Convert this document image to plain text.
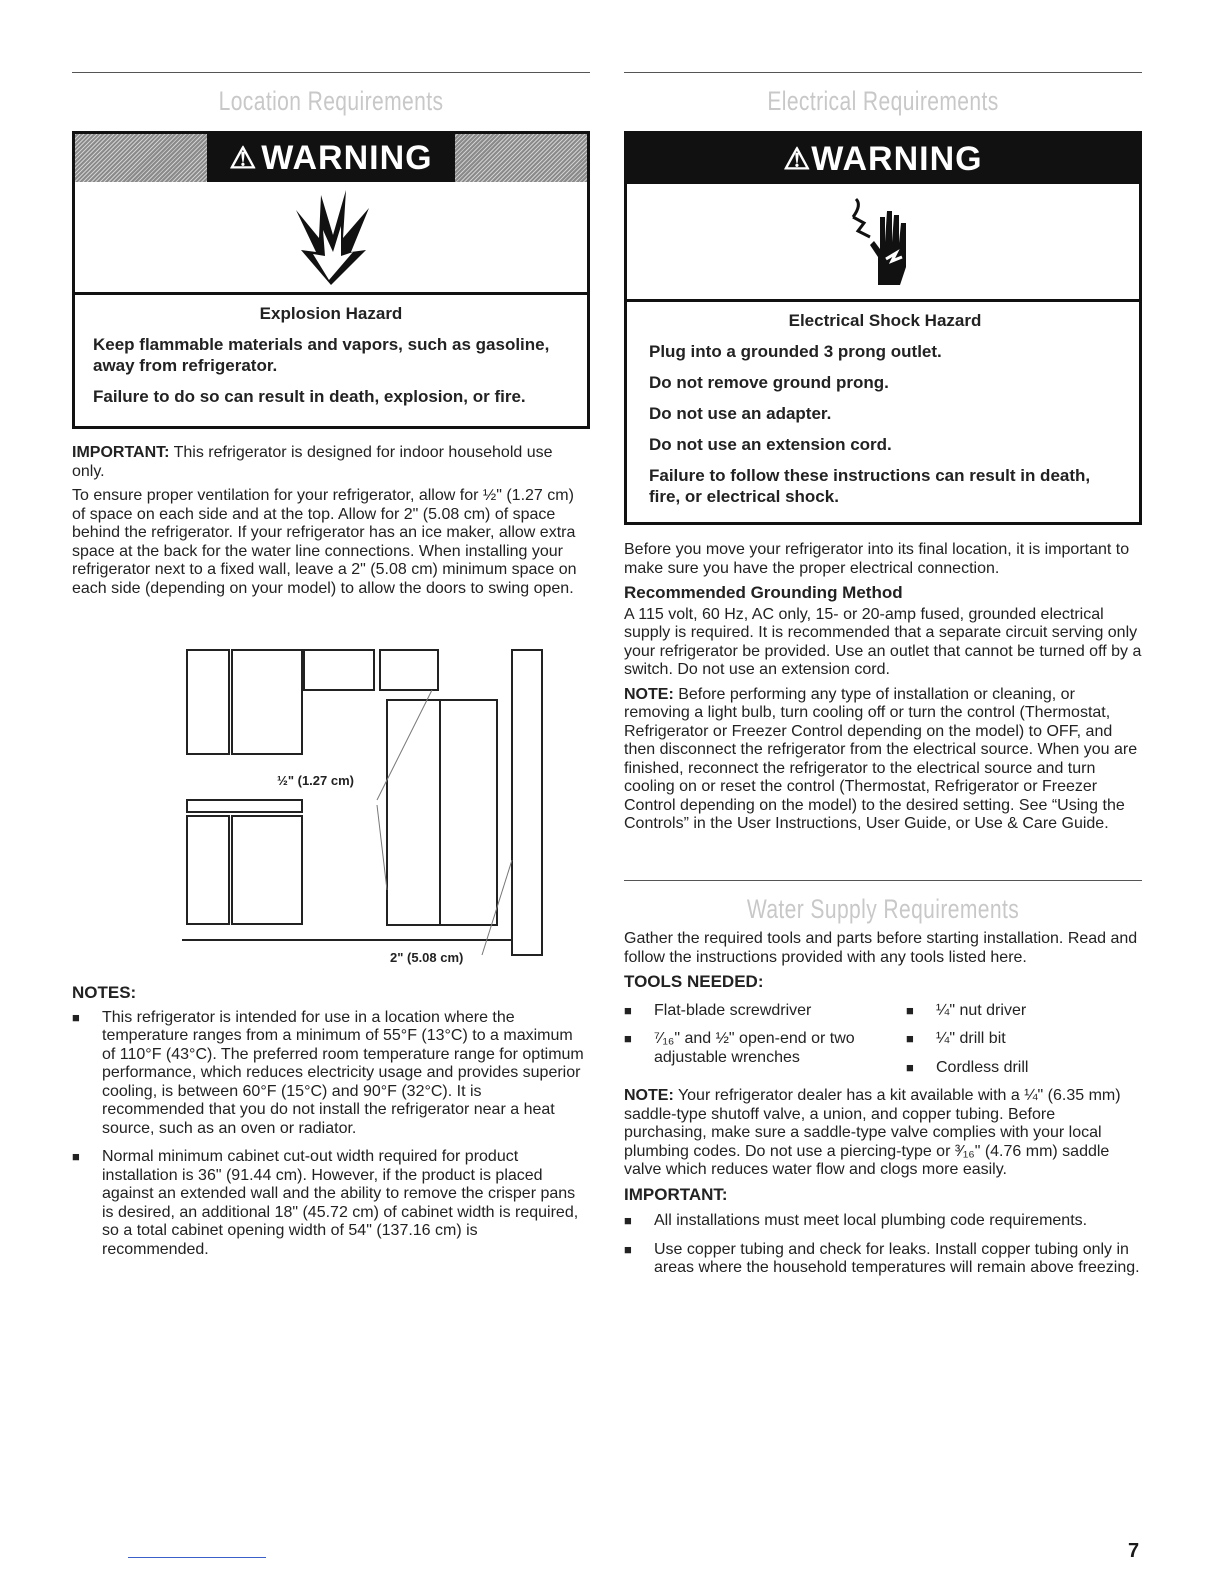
Location Requirements
⚠ WARNING
Explosion Hazard

Keep flammable materials and vapors, such as gasoline, away from refrigerator.

Failure to do so can result in death, explosion, or fire.

IMPORTANT: This refrigerator is designed for indoor household use only.

To ensure proper ventilation for your refrigerator, allow for ½" (1.27 cm) of space on each side and at the top. Allow for 2" (5.08 cm) of space behind the refrigerator. If your refrigerator has an ice maker, allow extra space at the back for the water line connections. When installing your refrigerator next to a fixed wall, leave a 2" (5.08 cm) minimum space on each side (depending on your model) to allow the doors to swing open.

½" (1.27 cm)
2" (5.08 cm)
NOTES:
■ This refrigerator is intended for use in a location where the temperature ranges from a minimum of 55°F (13°C) to a maximum of 110°F (43°C). The preferred room temperature range for optimum performance, which reduces electricity usage and provides superior cooling, is between 60°F (15°C) and 90°F (32°C). It is recommended that you do not install the refrigerator near a heat source, such as an oven or radiator.
■ Normal minimum cabinet cut-out width required for product installation is 36" (91.44 cm). However, if the product is placed against an extended wall and the ability to remove the crisper pans is desired, an additional 18" (45.72 cm) of cabinet width is required, so a total cabinet opening width of 54" (137.16 cm) is recommended.
Electrical Requirements
⚠ WARNING
Electrical Shock Hazard

Plug into a grounded 3 prong outlet.

Do not remove ground prong.

Do not use an adapter.

Do not use an extension cord.

Failure to follow these instructions can result in death, fire, or electrical shock.

Before you move your refrigerator into its final location, it is important to make sure you have the proper electrical connection.

Recommended Grounding Method

A 115 volt, 60 Hz, AC only, 15- or 20-amp fused, grounded electrical supply is required. It is recommended that a separate circuit serving only your refrigerator be provided. Use an outlet that cannot be turned off by a switch. Do not use an extension cord.

NOTE: Before performing any type of installation or cleaning, or removing a light bulb, turn cooling off or turn the control (Thermostat, Refrigerator or Freezer Control depending on the model) to OFF, and then disconnect the refrigerator from the electrical source. When you are finished, reconnect the refrigerator to the electrical source and turn cooling on or reset the control (Thermostat, Refrigerator or Freezer Control depending on the model) to the desired setting. See “Using the Controls” in the User Instructions, User Guide, or Use & Care Guide.

Water Supply Requirements

Gather the required tools and parts before starting installation. Read and follow the instructions provided with any tools listed here.

TOOLS NEEDED:
■ Flat-blade screwdriver
■ ⁷⁄₁₆" and ½" open-end or two adjustable wrenches
■ ¼" nut driver
■ ¼" drill bit
■ Cordless drill

NOTE: Your refrigerator dealer has a kit available with a ¼" (6.35 mm) saddle-type shutoff valve, a union, and copper tubing. Before purchasing, make sure a saddle-type valve complies with your local plumbing codes. Do not use a piercing-type or ³⁄₁₆" (4.76 mm) saddle valve which reduces water flow and clogs more easily.

IMPORTANT:
■ All installations must meet local plumbing code requirements.
■ Use copper tubing and check for leaks. Install copper tubing only in areas where the household temperatures will remain above freezing.
7
